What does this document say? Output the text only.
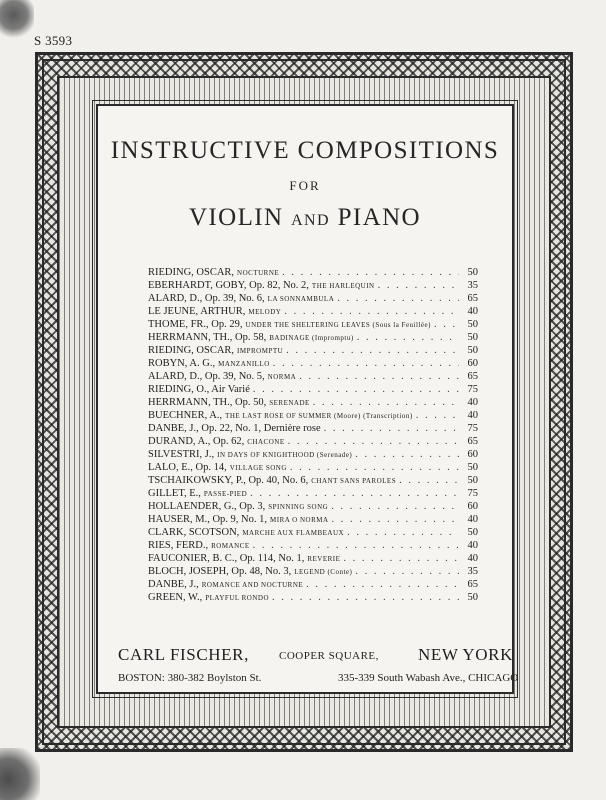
S 3593
INSTRUCTIVE COMPOSITIONS
FOR
VIOLIN AND PIANO
RIEDING, OSCAR, NOCTURNE . . .	50
EBERHARDT, GOBY, Op. 82, No. 2, THE HARLEQUIN . . .	35
ALARD, D., Op. 39, No. 6, LA SONNAMBULA . . .	65
LE JEUNE, ARTHUR, MELODY . . .	40
THOME, FR., Op. 29, UNDER THE SHELTERING LEAVES (Sous la Feuillée) . . .	50
HERRMANN, TH., Op. 58, BADINAGE (Impromptu) . . .	50
RIEDING, OSCAR, IMPROMPTU . . .	50
ROBYN, A. G., MANZANILLO . . .	60
ALARD, D., Op. 39, No. 5, NORMA . . .	65
RIEDING, O., Air Varié . . .	75
HERRMANN, TH., Op. 50, SERENADE . . .	40
BUECHNER, A., THE LAST ROSE OF SUMMER (Moore) (Transcription) . . .	40
DANBE, J., Op. 22, No. 1, Dernière rose . . .	75
DURAND, A., Op. 62, CHACONE . . .	65
SILVESTRI, J., IN DAYS OF KNIGHTHOOD (Serenade) . . .	60
LALO, E., Op. 14, VILLAGE SONG . . .	50
TSCHAIKOWSKY, P., Op. 40, No. 6, CHANT SANS PAROLES . . .	50
GILLET, E., PASSE-PIED . . .	75
HOLLAENDER, G., Op. 3, SPINNING SONG . . .	60
HAUSER, M., Op. 9, No. 1, MIRA O NORMA . . .	40
CLARK, SCOTSON, MARCHE AUX FLAMBEAUX . . .	50
RIES, FERD., ROMANCE . . .	40
FAUCONIER, B. C., Op. 114, No. 1, REVERIE . . .	40
BLOCH, JOSEPH, Op. 48, No. 3, LEGEND (Conte) . . .	35
DANBE, J., ROMANCE AND NOCTURNE . . .	65
GREEN, W., PLAYFUL RONDO . . .	50
CARL FISCHER,	COOPER SQUARE, NEW YORK
BOSTON: 380-382 Boylston St.	335-339 South Wabash Ave., CHICAGO
